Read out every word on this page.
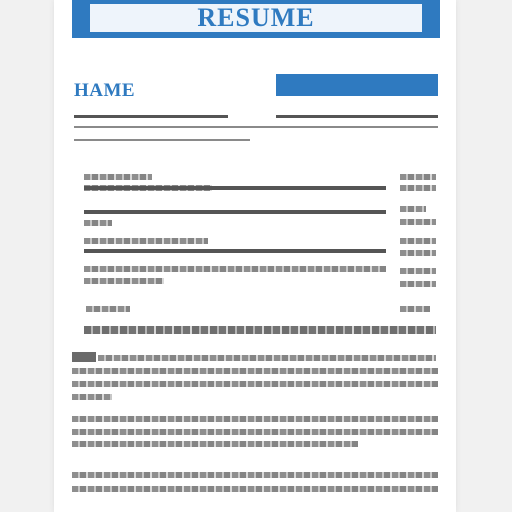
RESUME
HAME
